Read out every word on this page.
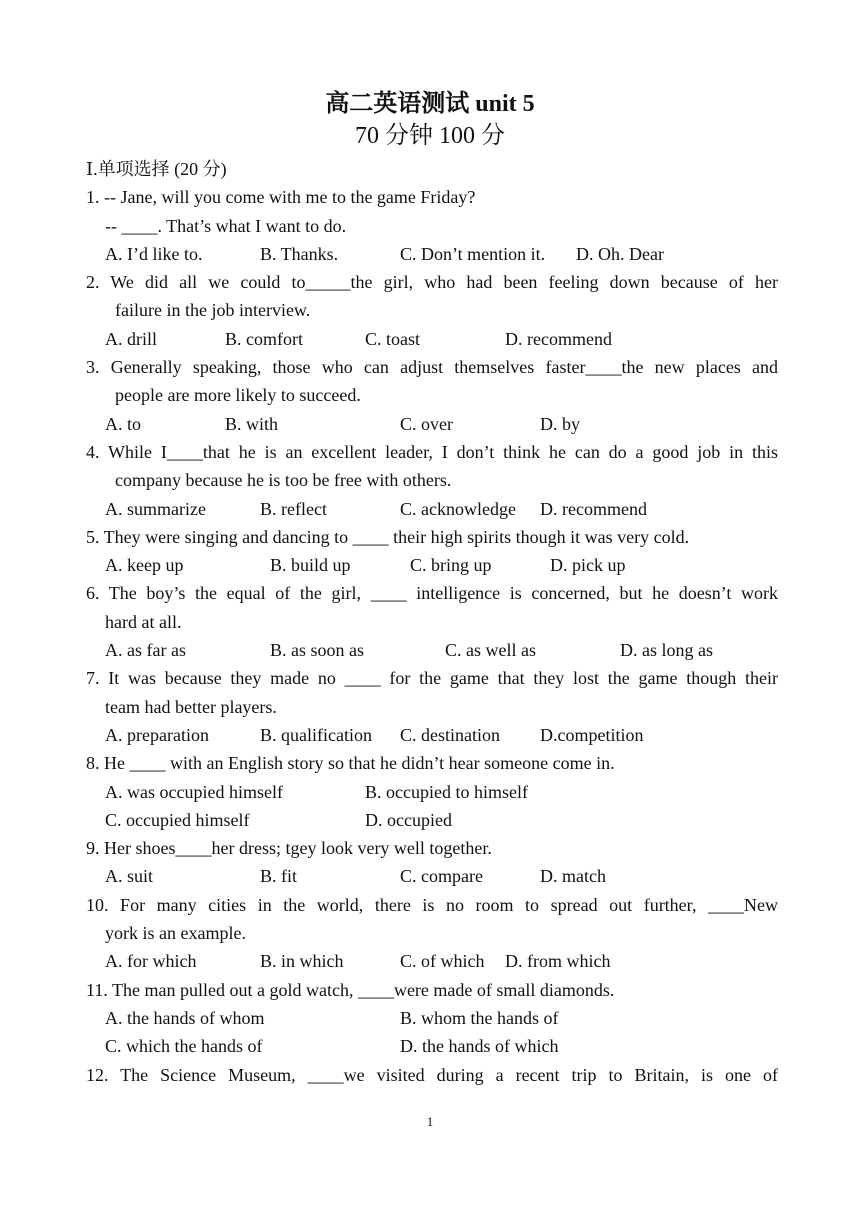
高二英语测试 unit 5
70 分钟 100 分
Ⅰ.单项选择 (20 分)
1. -- Jane, will you come with me to the game Friday?
-- ____. That’s what I want to do.
A. I’d like to.	B. Thanks.	C. Don’t mention it. D. Oh. Dear
2. We did all we could to_____the girl, who had been feeling down because of her
failure in the job interview.
A. drill	B. comfort	C. toast	D. recommend
3. Generally speaking, those who can adjust themselves faster____the new places and
people are more likely to succeed.
A. to	B. with	C. over	D. by
4. While I____that he is an excellent leader, I don’t think he can do a good job in this
company because he is too be free with others.
A. summarize	B. reflect	C. acknowledge D. recommend
5. They were singing and dancing to ____ their high spirits though it was very cold.
A. keep up	B. build up	C. bring up	D. pick up
6. The boy’s the equal of the girl, ____ intelligence is concerned, but he doesn’t work
hard at all.
A. as far as	B. as soon as	C. as well as	D. as long as
7. It was because they made no ____ for the game that they lost the game though their
team had better players.
A. preparation	B. qualification C. destination D.competition
8. He ____ with an English story so that he didn’t hear someone come in.
A. was occupied himself	B. occupied to himself
C. occupied himself	D. occupied
9. Her shoes____her dress; tgey look very well together.
A. suit	B. fit	C. compare	D. match
10. For many cities in the world, there is no room to spread out further, ____New
york is an example.
A. for which	B. in which	C. of which D. from which
11. The man pulled out a gold watch, ____were made of small diamonds.
A. the hands of whom	B. whom the hands of
C. which the hands of	D. the hands of which
12. The Science Museum, ____we visited during a recent trip to Britain, is one of
1
